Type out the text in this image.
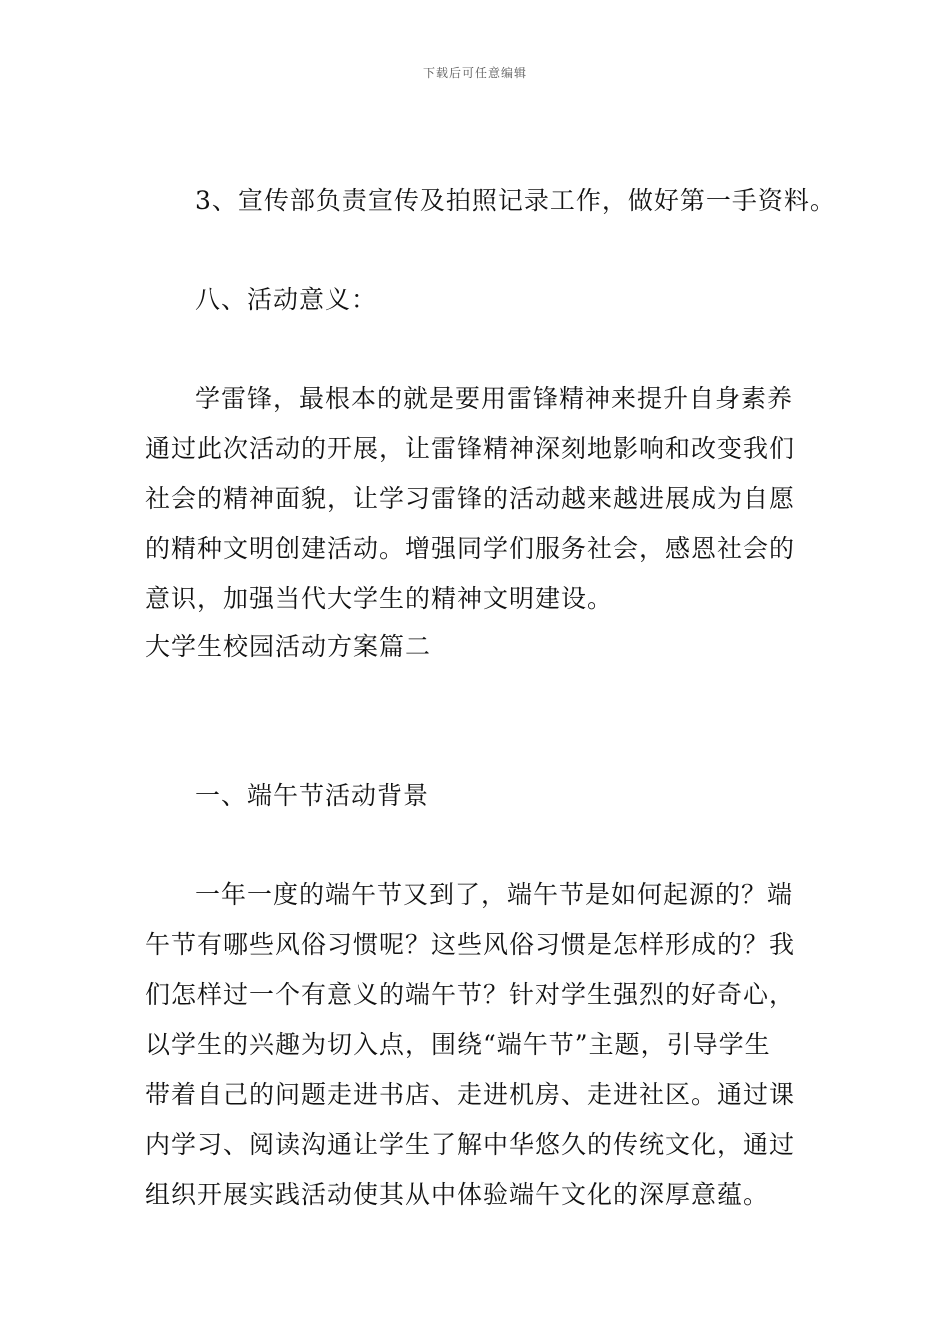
下载后可任意编辑
3、宣传部负责宣传及拍照记录工作，做好第一手资料。
八、活动意义：
学雷锋，最根本的就是要用雷锋精神来提升自身素养
通过此次活动的开展，让雷锋精神深刻地影响和改变我们
社会的精神面貌，让学习雷锋的活动越来越进展成为自愿
的精种文明创建活动。增强同学们服务社会，感恩社会的
意识，加强当代大学生的精神文明建设。
大学生校园活动方案篇二
一、端午节活动背景
一年一度的端午节又到了，端午节是如何起源的？端
午节有哪些风俗习惯呢？这些风俗习惯是怎样形成的？我
们怎样过一个有意义的端午节？针对学生强烈的好奇心，
以学生的兴趣为切入点，围绕“端午节”主题，引导学生
带着自己的问题走进书店、走进机房、走进社区。通过课
内学习、阅读沟通让学生了解中华悠久的传统文化，通过
组织开展实践活动使其从中体验端午文化的深厚意蕴。
